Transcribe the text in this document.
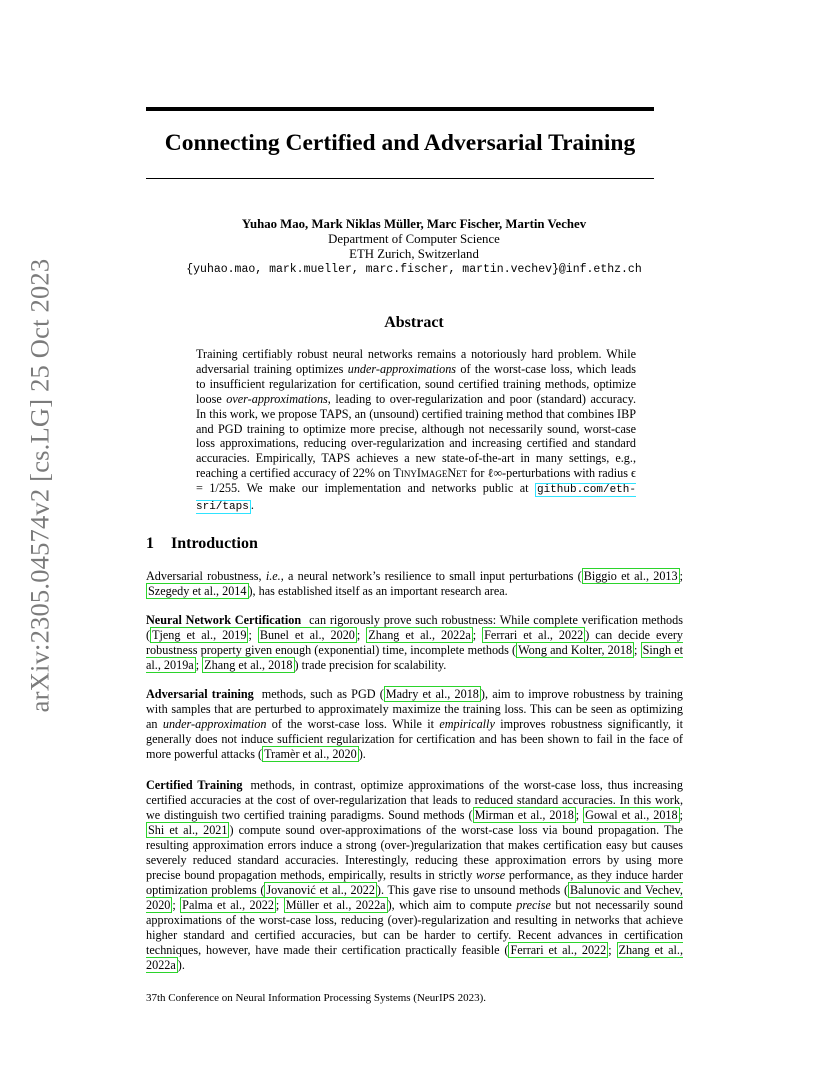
arXiv:2305.04574v2 [cs.LG] 25 Oct 2023
Connecting Certified and Adversarial Training
Yuhao Mao, Mark Niklas Müller, Marc Fischer, Martin Vechev
Department of Computer Science
ETH Zurich, Switzerland
{yuhao.mao, mark.mueller, marc.fischer, martin.vechev}@inf.ethz.ch
Abstract
Training certifiably robust neural networks remains a notoriously hard problem. While adversarial training optimizes under-approximations of the worst-case loss, which leads to insufficient regularization for certification, sound certified training methods, optimize loose over-approximations, leading to over-regularization and poor (standard) accuracy. In this work, we propose TAPS, an (unsound) certified training method that combines IBP and PGD training to optimize more precise, although not necessarily sound, worst-case loss approximations, reducing over-regularization and increasing certified and standard accuracies. Empirically, TAPS achieves a new state-of-the-art in many settings, e.g., reaching a certified accuracy of 22% on TinyImageNet for ℓ∞-perturbations with radius ϵ = 1/255. We make our implementation and networks public at github.com/eth-sri/taps .
1 Introduction
Adversarial robustness, i.e., a neural network’s resilience to small input perturbations ( Biggio et al., 2013 ; Szegedy et al., 2014 ), has established itself as an important research area.
Neural Network Certification can rigorously prove such robustness: While complete verification methods ( Tjeng et al., 2019 ; Bunel et al., 2020 ; Zhang et al., 2022a ; Ferrari et al., 2022 ) can decide every robustness property given enough (exponential) time, incomplete methods ( Wong and Kolter, 2018 ; Singh et al., 2019a ; Zhang et al., 2018 ) trade precision for scalability.
Adversarial training methods, such as PGD ( Madry et al., 2018 ), aim to improve robustness by training with samples that are perturbed to approximately maximize the training loss. This can be seen as optimizing an under-approximation of the worst-case loss. While it empirically improves robustness significantly, it generally does not induce sufficient regularization for certification and has been shown to fail in the face of more powerful attacks ( Tramèr et al., 2020 ).
Certified Training methods, in contrast, optimize approximations of the worst-case loss, thus increasing certified accuracies at the cost of over-regularization that leads to reduced standard accuracies. In this work, we distinguish two certified training paradigms. Sound methods ( Mirman et al., 2018 ; Gowal et al., 2018 ; Shi et al., 2021 ) compute sound over-approximations of the worst-case loss via bound propagation. The resulting approximation errors induce a strong (over-)regularization that makes certification easy but causes severely reduced standard accuracies. Interestingly, reducing these approximation errors by using more precise bound propagation methods, empirically, results in strictly worse performance, as they induce harder optimization problems ( Jovanović et al., 2022 ). This gave rise to unsound methods ( Balunovic and Vechev, 2020 ; Palma et al., 2022 ; Müller et al., 2022a ), which aim to compute precise but not necessarily sound approximations of the worst-case loss, reducing (over)-regularization and resulting in networks that achieve higher standard and certified accuracies, but can be harder to certify. Recent advances in certification techniques, however, have made their certification practically feasible ( Ferrari et al., 2022 ; Zhang et al., 2022a ).
37th Conference on Neural Information Processing Systems (NeurIPS 2023).
